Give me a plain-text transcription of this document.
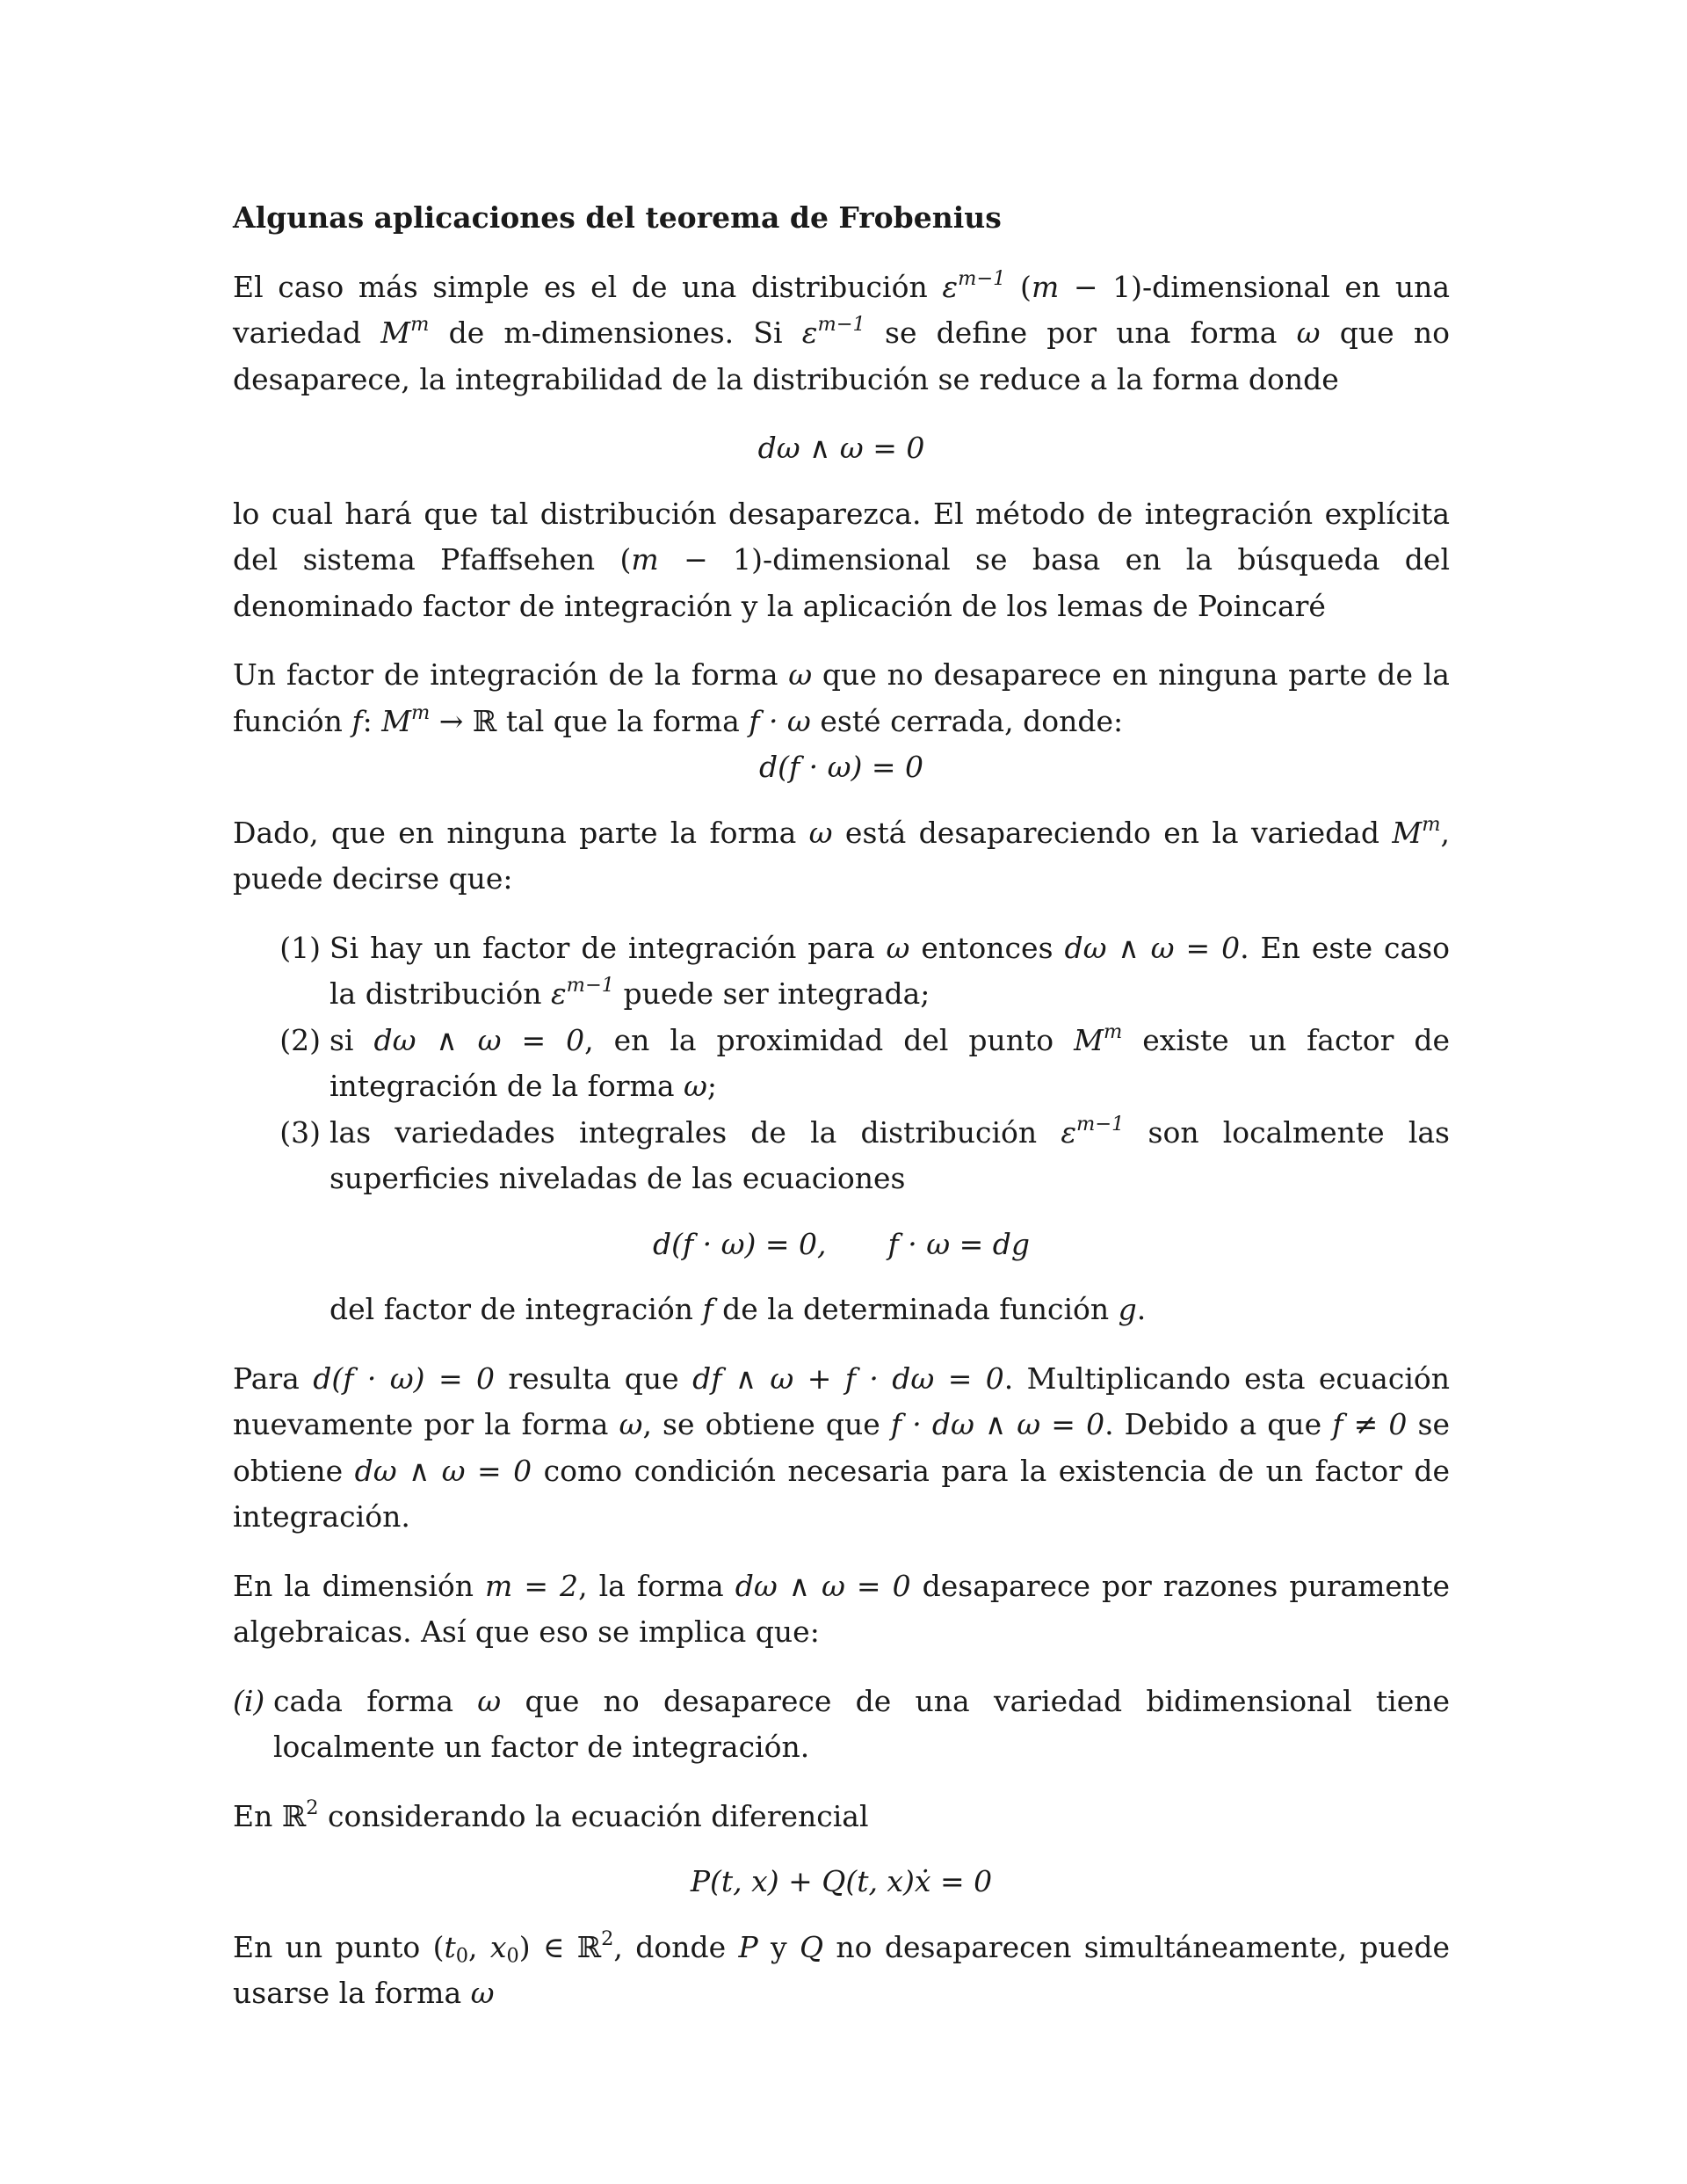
Algunas aplicaciones del teorema de Frobenius

El caso más simple es el de una distribución $\varepsilon^{m-1}$ (m − 1)-dimensional en una variedad $M^m$ de m-dimensiones. Si $\varepsilon^{m-1}$ se define por una forma ω que no desaparece, la integrabilidad de la distribución se reduce a la forma donde

dω ∧ ω = 0

lo cual hará que tal distribución desaparezca. El método de integración explícita del sistema Pfaffsehen (m − 1)-dimensional se basa en la búsqueda del denominado factor de integración y la aplicación de los lemas de Poincaré

Un factor de integración de la forma ω que no desaparece en ninguna parte de la función f: $M^m$ → ℝ tal que la forma f · ω esté cerrada, donde:

d(f · ω) = 0

Dado, que en ninguna parte la forma ω está desapareciendo en la variedad $M^m$, puede decirse que:

(1) Si hay un factor de integración para ω entonces dω ∧ ω = 0. En este caso la distribución $\varepsilon^{m-1}$ puede ser integrada;
(2) si dω ∧ ω = 0, en la proximidad del punto $M^m$ existe un factor de integración de la forma ω;
(3) las variedades integrales de la distribución $\varepsilon^{m-1}$ son localmente las superficies niveladas de las ecuaciones
d(f · ω) = 0, f · ω = dg

del factor de integración f de la determinada función g.

Para d(f · ω) = 0 resulta que df ∧ ω + f · dω = 0. Multiplicando esta ecuación nuevamente por la forma ω, se obtiene que f · dω ∧ ω = 0. Debido a que f ≠ 0 se obtiene dω ∧ ω = 0 como condición necesaria para la existencia de un factor de integración.

En la dimensión m = 2, la forma dω ∧ ω = 0 desaparece por razones puramente algebraicas. Así que eso se implica que:

(i) cada forma ω que no desaparece de una variedad bidimensional tiene localmente un factor de integración.

En ℝ$^2$ considerando la ecuación diferencial

P(t, x) + Q(t, x)ẋ = 0

En un punto ($t_0$, $x_0$) ∈ ℝ$^2$, donde P y Q no desaparecen simultáneamente, puede usarse la forma ω
